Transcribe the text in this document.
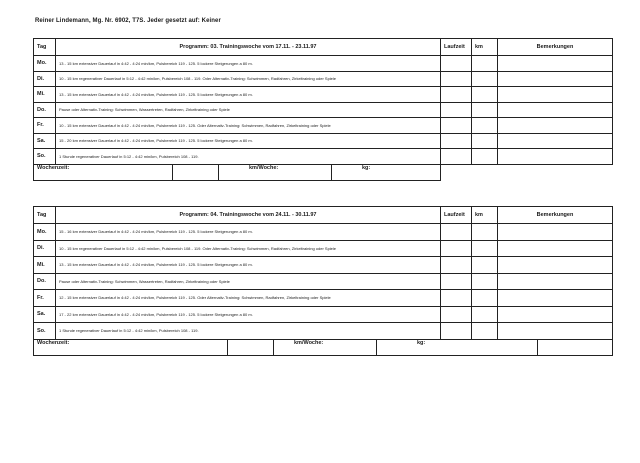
Reiner Lindemann, Mg. Nr. 6902, T7S. Jeder gesetzt auf: Keiner
Tag	Programm: 03. Trainingswoche vom 17.11. - 23.11.97	Laufzeit	km	Bemerkungen
Mo.	13 - 15 km extensiver Dauerlauf in 4:42 - 4:24 min/km, Pulsbereich 119 - 125. 5 lockere Steigerungen a 80 m.			
Di.	10 - 15 km regenerativer Dauerlauf in 5:12 - 4:42 min/km, Pulsbereich 108 - 119. Oder Alternativ-Training: Schwimmen, Radfahren, Zirkeltraining oder Spiele			
Mi.	13 - 15 km extensiver Dauerlauf in 4:42 - 4:24 min/km, Pulsbereich 119 - 125. 5 lockere Steigerungen a 80 m.			
Do.	Pause oder Alternativ-Training: Schwimmen, Wassertreten, Radfahren, Zirkeltraining oder Spiele			
Fr.	10 - 15 km extensiver Dauerlauf in 4:42 - 4:24 min/km, Pulsbereich 119 - 125. Oder Alternativ-Training: Schwimmen, Radfahren, Zirkeltraining oder Spiele			
Sa.	15 - 20 km extensiver Dauerlauf in 4:42 - 4:24 min/km, Pulsbereich 119 - 125. 5 lockere Steigerungen a 80 m.			
So.	1 Stunde regenerativer Dauerlauf in 5:12 - 4:42 min/km, Pulsbereich 108 - 119.			

Wochenzeit: km/Woche: kg:				

Tag	Programm: 04. Trainingswoche vom 24.11. - 30.11.97	Laufzeit	km	Bemerkungen
Mo.	15 - 16 km extensiver Dauerlauf in 4:42 - 4:24 min/km, Pulsbereich 119 - 125. 5 lockere Steigerungen a 80 m.			
Di.	10 - 15 km regenerativer Dauerlauf in 5:12 - 4:42 min/km, Pulsbereich 108 - 119. Oder Alternativ-Training: Schwimmen, Radfahren, Zirkeltraining oder Spiele			
Mi.	13 - 15 km extensiver Dauerlauf in 4:42 - 4:24 min/km, Pulsbereich 119 - 125. 5 lockere Steigerungen a 80 m.			
Do.	Pause oder Alternativ-Training: Schwimmen, Wassertreten, Radfahren, Zirkeltraining oder Spiele			
Fr.	12 - 15 km extensiver Dauerlauf in 4:42 - 4:24 min/km, Pulsbereich 119 - 125. Oder Alternativ-Training: Schwimmen, Radfahren, Zirkeltraining oder Spiele			
Sa.	17 - 22 km extensiver Dauerlauf in 4:42 - 4:24 min/km, Pulsbereich 119 - 125. 5 lockere Steigerungen a 80 m.			
So.	1 Stunde regenerativer Dauerlauf in 5:12 - 4:42 min/km, Pulsbereich 108 - 119.			

Wochenzeit: km/Woche: kg:				
